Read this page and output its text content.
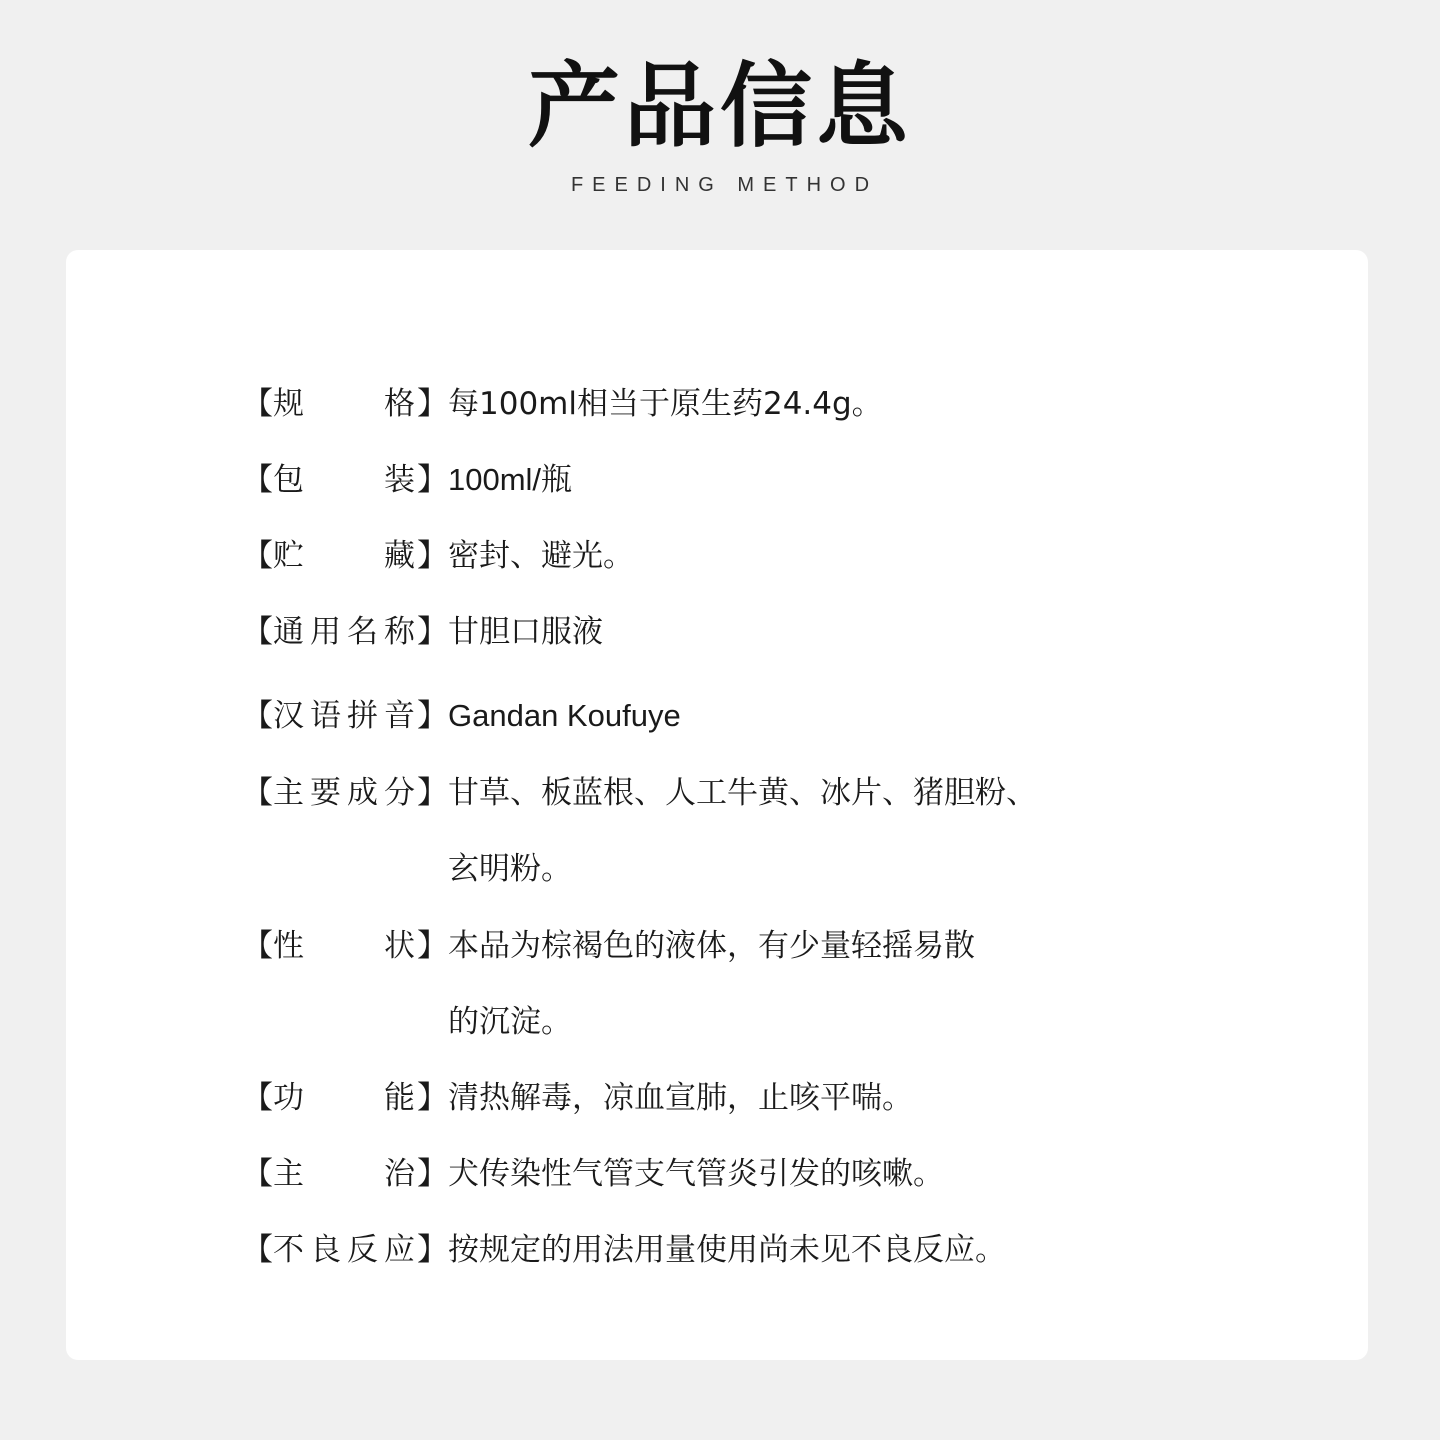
产品信息
FEEDING METHOD
【 规	格 】 每100ml相当于原生药24.4g。
【 包	装 】 100ml/瓶
【 贮	藏 】 密封、避光。
【 通 用 名 称 】 甘胆口服液
【 汉 语 拼 音 】 Gandan Koufuye
【 主 要 成 分 】 甘草、板蓝根、人工牛黄、冰片、猪胆粉、
玄明粉。
【 性	状 】 本品为棕褐色的液体，有少量轻摇易散
的沉淀。
【 功	能 】 清热解毒，凉血宣肺，止咳平喘。
【 主	治 】 犬传染性气管支气管炎引发的咳嗽。
【 不 良 反 应 】 按规定的用法用量使用尚未见不良反应。
